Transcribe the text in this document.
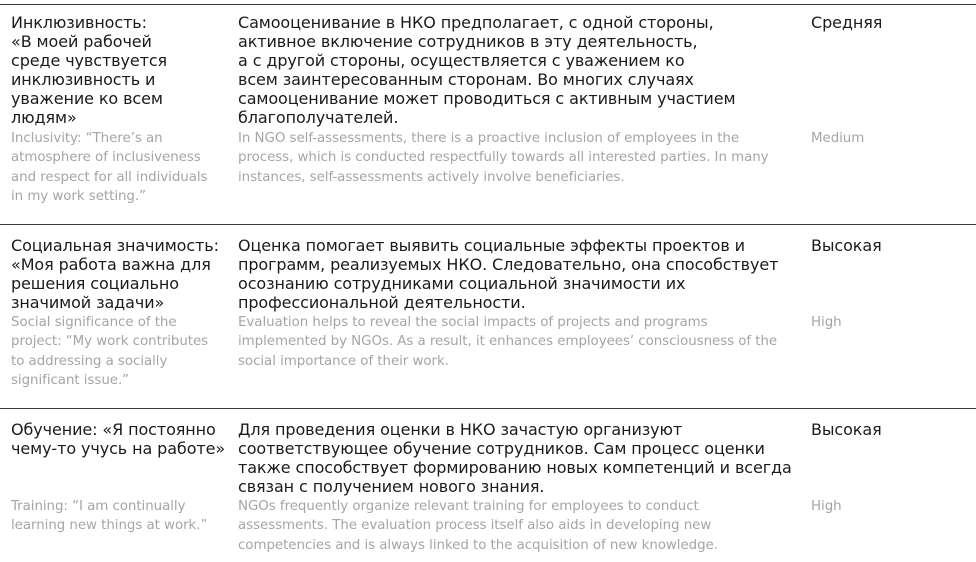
Инклюзивность:
«В моей рабочей
среде чувствуется
инклюзивность и
уважение ко всем
людям»
Inclusivity: “There’s an
atmosphere of inclusiveness
and respect for all individuals
in my work setting.”
Самооценивание в НКО предполагает, с одной стороны,
активное включение сотрудников в эту деятельность,
а с другой стороны, осуществляется с уважением ко
всем заинтересованным сторонам. Во многих случаях
самооценивание может проводиться с активным участием
благополучателей.
In NGO self-assessments, there is a proactive inclusion of employees in the
process, which is conducted respectfully towards all interested parties. In many
instances, self-assessments actively involve beneficiaries.
Средняя
Medium
Социальная значимость:
«Моя работа важна для
решения социально
значимой задачи»
Social significance of the
project: “My work contributes
to addressing a socially
significant issue.”
Оценка помогает выявить социальные эффекты проектов и
программ, реализуемых НКО. Следовательно, она способствует
осознанию сотрудниками социальной значимости их
профессиональной деятельности.
Evaluation helps to reveal the social impacts of projects and programs
implemented by NGOs. As a result, it enhances employees’ consciousness of the
social importance of their work.
Высокая
High
Обучение: «Я постоянно
чему-то учусь на работе»
Training: “I am continually
learning new things at work.”
Для проведения оценки в НКО зачастую организуют
соответствующее обучение сотрудников. Сам процесс оценки
также способствует формированию новых компетенций и всегда
связан с получением нового знания.
NGOs frequently organize relevant training for employees to conduct
assessments. The evaluation process itself also aids in developing new
competencies and is always linked to the acquisition of new knowledge.
Высокая
High
